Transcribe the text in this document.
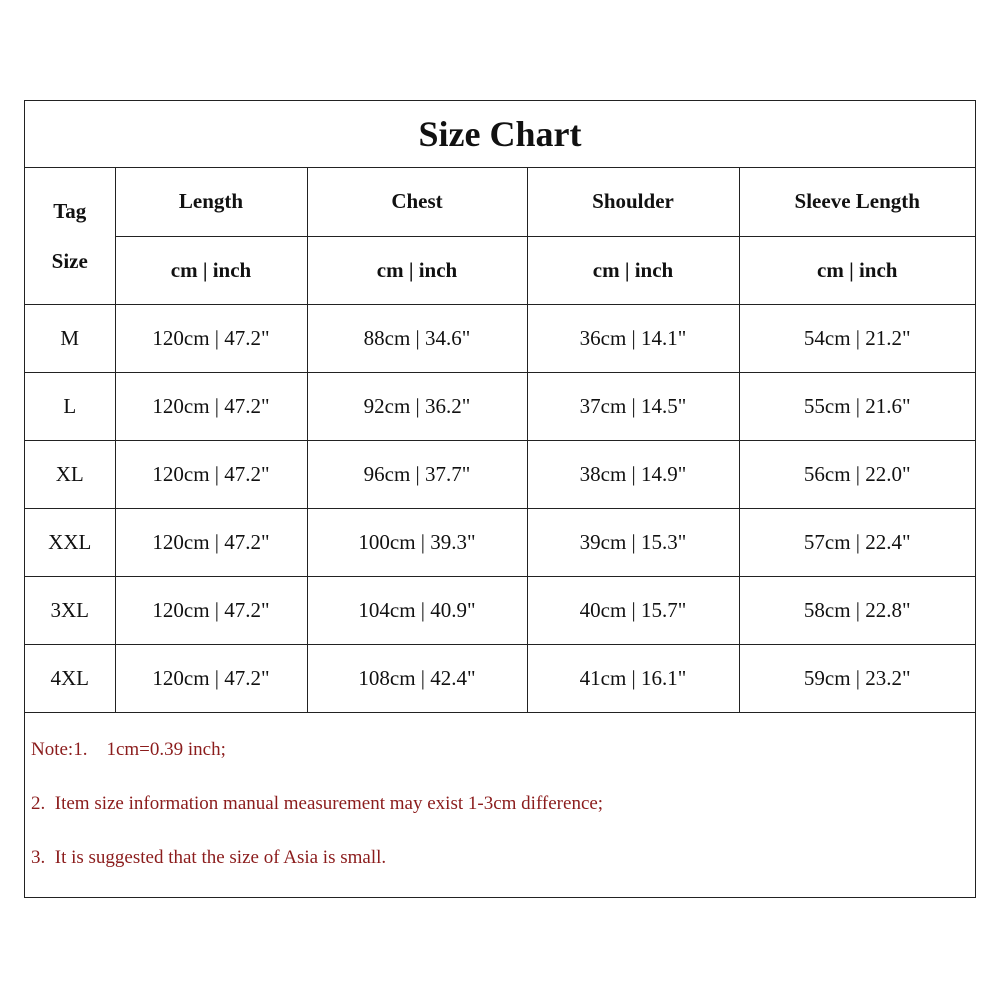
Size Chart
Tag
Size	Length	Chest	Shoulder	Sleeve Length
	cm | inch	cm | inch	cm | inch	cm | inch
M	120cm | 47.2"	88cm | 34.6"	36cm | 14.1"	54cm | 21.2"
L	120cm | 47.2"	92cm | 36.2"	37cm | 14.5"	55cm | 21.6"
XL	120cm | 47.2"	96cm | 37.7"	38cm | 14.9"	56cm | 22.0"
XXL	120cm | 47.2"	100cm | 39.3"	39cm | 15.3"	57cm | 22.4"
3XL	120cm | 47.2"	104cm | 40.9"	40cm | 15.7"	58cm | 22.8"
4XL	120cm | 47.2"	108cm | 42.4"	41cm | 16.1"	59cm | 23.2"
Note:1.    1cm=0.39 inch;
2.  Item size information manual measurement may exist 1-3cm difference;
3.  It is suggested that the size of Asia is small.
